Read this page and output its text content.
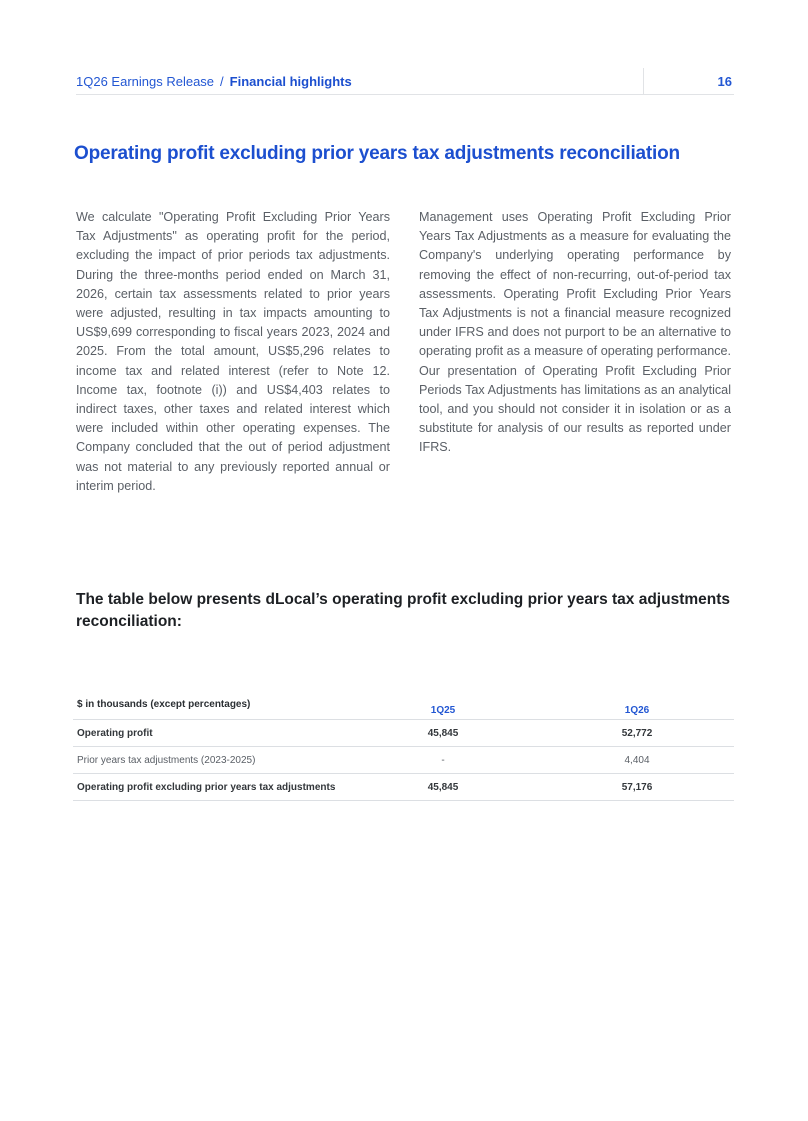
1Q26 Earnings Release / Financial highlights	16
Operating profit excluding prior years tax adjustments reconciliation

We calculate "Operating Profit Excluding Prior Years Tax Adjustments" as operating profit for the period, excluding the impact of prior periods tax adjustments. During the three-months period ended on March 31, 2026, certain tax assessments related to prior years were adjusted, resulting in tax impacts amounting to US$9,699 corresponding to fiscal years 2023, 2024 and 2025. From the total amount, US$5,296 relates to income tax and related interest (refer to Note 12. Income tax, footnote (i)) and US$4,403 relates to indirect taxes, other taxes and related interest which were included within other operating expenses. The Company concluded that the out of period adjustment was not material to any previously reported annual or interim period.

Management uses Operating Profit Excluding Prior Years Tax Adjustments as a measure for evaluating the Company's underlying operating performance by removing the effect of non-recurring, out-of-period tax assessments. Operating Profit Excluding Prior Years Tax Adjustments is not a financial measure recognized under IFRS and does not purport to be an alternative to operating profit as a measure of operating performance. Our presentation of Operating Profit Excluding Prior Periods Tax Adjustments has limitations as an analytical tool, and you should not consider it in isolation or as a substitute for analysis of our results as reported under IFRS.

The table below presents dLocal’s operating profit excluding prior years tax adjustments reconciliation:
$ in thousands (except percentages)
1Q25	1Q26
Operating profit	45,845	52,772
Prior years tax adjustments (2023-2025)	-	4,404
Operating profit excluding prior years tax adjustments	45,845	57,176
